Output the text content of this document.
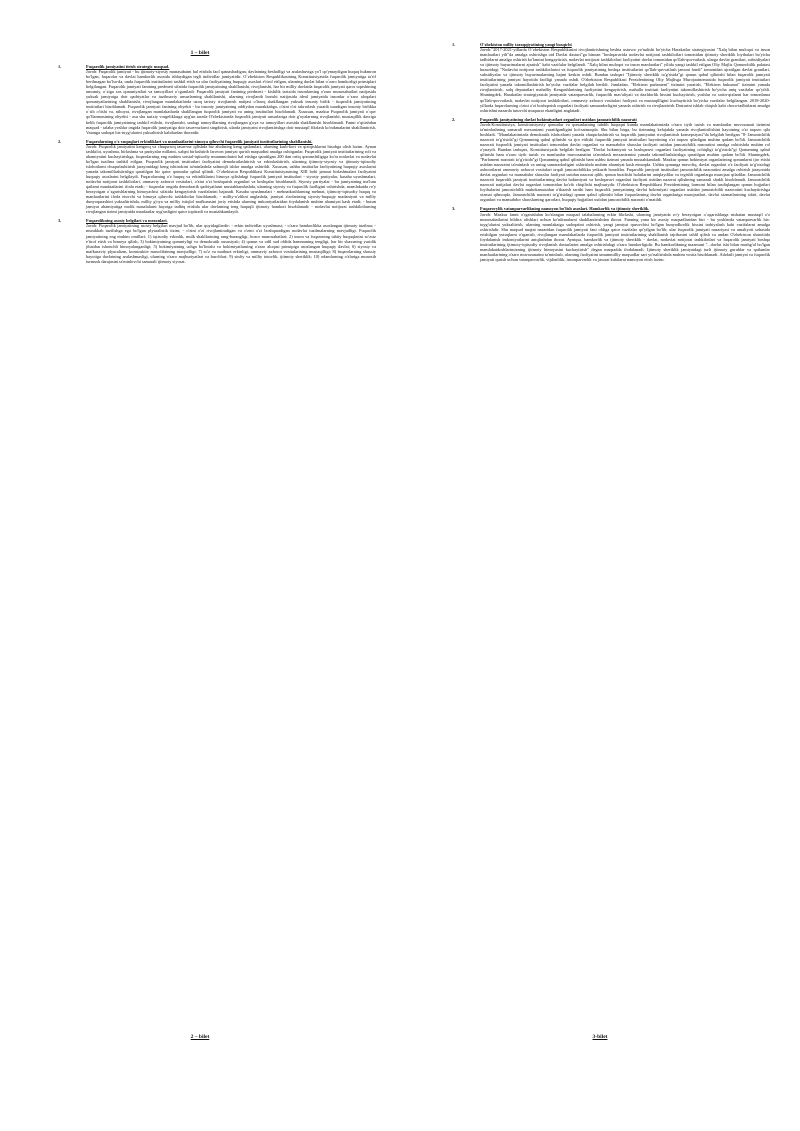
1 – bilet
1.	Fuqarolik jamiyatini tirish strategic maqsad.
Javob: Fuqarolik jamiyati - bu ijtimoiy-siyosiy munasabatni hal etishda faol qatnashadigan, davlatning beshafligi va aralashuviga yo'l qo'ymaydigan huquq hukmron bo'lgan, fuqarolar va davlat hamkorlik asosida ishlaydigan tegli individlar jamiyatidir. O`zbekiston Respublikasining Konstitutsiyasida fuqarolik jamiyatiga ta'rif berilmagan bo'lsa-da, unda fuqarolik institutlarini tashkil etish va ular faoliyatining huquqiy asoslari e'tirof etilgan, ularning davlat bilan o`zaro hamkorligi prinsiplari belgilangan. Fuqarolik jamiyati fanining predmeti sifatida fuqarolik jamiyatining shakllanishi, rivojlanishi, har bir milliy davlatda fuqarolik jamiyati qaror topishining umumiy, o`ziga xos qonuniyatlari va tamoyillari o`rganiladi. Fuqarolik jamiyati fanining predmeti - kishilik tarixida insonlarning o'zaro munosabatlari natijasida yuksak jamiyatga doir qadriyatlar va tuzilmaviy unsurlarning shakllanishi, ularning rivojlanib borishi natijasida ideal jamiyatda insonlar o`zaro aloqalari qonuniyatlarining shakllanishi, rivojlangan mamlakatlarda uzoq tarixiy rivojlanish natijasi o'laroq shakllangan yuksak insoniy birlik - fuqarolik jamiyatining institutlari hisoblanadi. Fuqarolik jamiyati fanining obyekti - bu insoniy jamiyatning oddiydan murakkabga, o'zini o'zi takrorlash yaratib turadigan insoniy birlikka o`sib o'tishi va, nihoyat, rivojlangan mamlakatlarda shakllangan fuqarolik jamiyati va uning institutlari hisoblanadi. Xususan, mazkur Fuqarolik jamiyati o`quv qo'llanmasining obyekti - asu shu tarixiy vorgeliklarga uyg'un tarzda O'zbekistonda fuqarolik jamiyati unsurlariga doir g'oyalarning rivojlanishi, mustaqillik davriga kelib fuqarolik jamiyatining tashkil etilishi, rivojlanishi, undagi tamoyillarning rivojlangan g'oya va tamoyillari asosida shakllanishi hisoblanadi. Fanni o'qitishdan maqsad - talaba yoshlar ongida fuqarolik jamiyatiga doir tasavvurlarni singdirish, ularda jamiyatni rivojlantirishga doir mustaqil fikrlash ko'nikmalarini shakllantirish, Vatanga sadoqat his-tuyg'ularini yuksaltirish kabilardan iboratdir.
2.	Fuqarolarning o'z xuquqlari erkinliklari va manfaatlarini ximoya qiluvchi fuqarolik jamiyati institutlarining shakllanishi.
Javob: Fuqarolik jamiyatini kengroq va chuqurroq tasavvur qilishda biz aholining keng qatlamlari, ularning kasb-kori va qiziqishlarini hisobga olish lozim. Aynan tashkilot, uyushma, birlashma va partiyalar millatni, xalqni birlashtirib farovon jamiyat qurish maqsadini amalga oshirganlar. Fuqarolik jamiyati institutlarining roli va ahamiyatini kuchaytirishga, fuqarolarning eng muhim sotsial-iqtisodiy muammolarini hal etishga qaratilgan 200 dan ortiq qonunchiligiga ko'ra nodavlat va nodavlat bo'lgan tuzilma tashkil etilgan. Fuqarolik jamiyati institutlari faoliyatini demokratlashtirish va erkinlashtirish, ularning ijtimoiy-siyosiy va ijtimoiy-iqtisodiy islohotlarni chuqurlashtirish jarayonidagi keng ishtirokini ta'minlashda salmoqli ishlar amalga oshirildi. Xususan, ushbu institutlar faoliyatining huquqiy asoslarini yanada takomillashtirishga qaratilgan bir qator qonunlar qabul qilindi. O`zbekiston Respublikasi Konstitutsiyasining XIII bobi jamoat birlashmalari faoliyatini huquqiy asoslarini belgilaydi. Fuqarolarning o'z huquq va erkinliklarini himoya qilishdagi fuqarolik jamiyati institutlari - siyosiy partiyalar, kasaba uyushmalari, nodavlat notijorat tashkilotlari, ommaviy axborot vositalari, o'zini o'zi boshqarish organlari va boshqalar hisoblanadi. Siyosiy partiyalar - bu jamiyatning ma'lum qatlami manfaatlarini ifoda etadi; - fuqarolar ongida demokratik qadriyatlarni mustahkamlashda, ularning siyosiy va fuqarolik faolligini oshirishda, mamlakatda ro'y berayotgan o`zgarishlarning himoyachisi sifatida kengaytirish vazifalarini bajaradi. Kasaba uyushmalari - mehnatkashlarning mehnat, ijtimoiy-iqtisodiy huquq va manfaatlarini ifoda etuvchi va himoya qiluvchi tashkilotlar hisoblanadi; - milliy-o'zlikni anglashda, jamiyat a'zolarining siyosiy-huquqiy madaniyati va milliy dunyoqarashini yuksaltirishda, milliy g'oya va milliy istiqlol mafkurasini joriy etishda ularning imkoniyatlaridan foydalanish muhim ahamiyat kasb etadi; - butun jamiyat ahamiyatiga molik masalalarni hayotga tadbiq etishda ular davlatning teng huquqli ijtimoiy hamkori hisoblanadi; - nodavlat notijorat tashkilotlarning rivojlangan tizimi jamiyatda manfaatlar uyg'unligini qaror topitradi va mustahkamlaydi.
3.	Fuqarolikning asosiy belgilari va mezonlari.
Javob: Fuqarolik jamiyatining asosiy belgilari mavjud bo'lib, ular quyidagilardir: - erkin individlar uyushmasi; - o'zaro hamkorlikka asoslangan ijtimoiy tuzilma; - murakkab tuzilishga ega bo'lgan plyuralistik tizim; - o'zini o'zi rivojlantiradigan va o'zini o'zi boshqaradigan nodavlat tuzilmalarning mavjudligi. Fuqarolik jamiyatining eng muhim omillari: 1) iqtisodiy erkinlik, mulk shakllarining rang-barangligi, bozor munosabatlari; 2) inson va fuqaroning tabiiy huquqlarini so'zsiz e'tirof etish va himoya qilish; 3) hokimiyatning qonuniyligi va demokratik xususiyati; 4) qonun va odil sud oldida hammaning tengligi, har bir shaxsning yuridik jihatdan ishonchli himoyalanganligi; 5) hokimiyatning uchga bo'linishi va hokimiyatlarning o'zaro aloqasi prinsipiga asoslangan huquqiy davlat; 6) siyosiy va mafkuraviy plyuralizm, konstruktiv muxolifatning mavjudligi; 7) so'z va matbuot erkinligi, ommaviy axborot vositalarining mustaqilligi; 8) fuqarolarning shaxsiy hayotiga davlatning aralashmasligi, ularning o'zaro majburiyatlari va burchlari; 9) sinfiy va milliy totuvlik, ijtimoiy sheriklik; 10) odamlarning o'zlariga munosib turmush darajasini ta'minlovchi samarali ijtimoiy siyosat.
1.	O'zbekiston milliy taraqqiyotining yangi bosqichi
Javob:"2017-2021-yillarda O`zbekiston Respublikasini rivojlantirishning beshta ustuvor yo'nalishi bo'yicha Harakatlar strategiyasini "Xalq bilan muloqot va inson manfaatlari yili"da amalga oshirishga oid Davlat dasturi"ga binoan "boshqaruvida nodavlat notijorat tashkilotlari tomonidan ijtimoiy sheriklik loyihalari bo'yicha tadbirlarni amalga oshirish ko'lamini kengaytirish, nodavlat notijorat tashkilotlari faoliyatini davlat tomonidan qo'llab-quvvatlash, ularga davlat grantlari, subsidiyalari va ijtimoiy buyurtmalarni ajratish" kabi vazifalar belgilandi. "Xalq bilan muloqot va inson manfaatlari" yilida yangi tashkil etilgan Oliy Majlis Qonunchilik palatasi huzuridagi "Nodavlat notijorat tashkilotlarini va fuqarolik jamiyatining boshqa institutlarini qo'llab-quvvatlash jamoat fondi" tomonidan ajratilgan davlat grantlari, subsidiyalar va ijtimoiy buyurtmalarning hajmi keskin oshdi. Bundan tashqari "Ijtimoiy sheriklik to'g'risida"gi qonun qabul qilinishi bilan fuqarolik jamiyati institutlarining jamiyat hayotida faolligi yanada oshdi. O'zbekiston Respublikasi Prezidentining Oliy Majlisga Murojaatnomasida fuqarolik jamiyati institutlari faoliyatini yanada takomillashtirish bo'yicha vazifalar belgilab berildi. Jumladan, "Elektron parlament" tizimini yaratish, "Elektron hukumat" tizimini yanada rivojlantirish, xalq deputatlari mahalliy Kengashlarining faoliyatini kengaytirish, mahalla instituti faoliyatini takomillashtirish bo'yicha aniq vazifalar qo'yildi. Shuningdek, Harakatlar strategiyasida jamiyatda vatanparvarlik, fuqarolik mas'uliyati va daxldorlik hissini kuchaytirish, yoshlar va xotin-qizlarni har tomonlama qo'llab-quvvatlash, nodavlat notijorat tashkilotlari, ommaviy axborot vositalari faoliyati va mustaqilligini kuchaytirish bo'yicha vazifalar belgilangan. 2018-2020-yillarda fuqarolarning o'zini o'zi boshqarish organlari faoliyati samaradorligini yanada oshirish va rivojlantirish Dasturini ishlab chiqish kabi chora-tadbirlarni amalga oshirishni nazarda tutuvchi muqarrar ekanligini anglatadi.
2.	Fuqarolik jamiyatining davlat hokimiyatlari organlari ustidan jamoatchilik nazorati
Javob:Konstitutsiya, konstitutsiyaviy qonunlar va qonunlarning tubdih huquqni kunda mamlakatimizda o'zaro tiyib turish va manfaatlar muvozanati tizimini ta'minlashning samarali mexanizmi yaratilganligini ko'rsatmoqda. Shu bilan birga, bu tizimning kelajakda yanada rivojlantirilishini hayotning o'zi taqozo qila boshladi. "Mamlakatimizda demokratik islohotlarni yanada chuqurlashtirish va fuqarolik jamiyatini rivojlantirish konsepsiyasi"da belgilab berilgan "8- Jamoatchilik nazorati to'g'risida"gi Qonunning qabul qilinishi va ijro etilishi fuqarolik jamiyati institutlari hayotining o'zi taqozo qiladigan muhim qadam bo'ldi. Jamoatchilik nazorati fuqarolik jamiyati institutlari tomonidan davlat organlari va mansabdor shaxslar faoliyati ustidan jamoatchilik nazoratini amalga oshirishda muhim rol o'ynaydi. Bundan tashqari, Konstitutsiyada belgilab berilgan "Davlat hokimiyati va boshqaruvi organlari faoliyatining ochiqligi to'g'risida"gi Qonunning qabul qilinishi ham o'zaro tiyib turish va manfaatlar muvozanatini ta'minlash mexanizmini yanada takomillashtirishga qaratilgan muhim qadam bo'ldi. Shuningdek, "Parlament nazorati to'g'risida"gi Qonunning qabul qilinishi ham ushbu tizimni yanada mustahkamladi. Mazkur qonun hokimiyat organlarining qonunlarni ijro etishi ustidan nazoratni ta'minlash va uning samaradorligini oshirishda muhim ahamiyat kasb etmoqda. Ushbu qonunga muvofiq, davlat organlari o'z faoliyati to'g'risidagi axborotlarni ommaviy axborot vositalari orqali jamoatchilikka yetkazib boradilar. Fuqarolik jamiyati institutlari jamoatchilik nazoratini amalga oshirish jarayonida davlat organlari va mansabdor shaxslar faoliyati ustidan nazorat qilib, qonun buzilishi holatlarini aniqlaydilar va tegishli organlarga murojaat qiladilar. Jamoatchilik nazorati fuqarolik jamiyati institutlarining davlat hokimiyati va boshqaruvi organlari faoliyati ustidan nazorat qilishning samarali shakli hisoblanadi. Jamoatchilik nazorati natijalari davlat organlari tomonidan ko'rib chiqilishi majburiydir. O'zbekiston Respublikasi Prezidentining farmoni bilan tasdiqlangan qonun hujjatlari loyihalarini jamoatchilik muhokamasidan o'tkazish tartibi ham fuqarolik jamiyatining davlat hokimiyati organlari ustidan jamoatchilik nazoratini kuchaytirishga xizmat qilmoqda. Jamoatchilik nazorati to'g'risidagi qonun qabul qilinishi bilan fuqarolarning davlat organlariga murojaatlari, davlat xizmatlarining sifati, davlat organlari va mansabdor shaxslarning qarorlari, huquqiy hujjatlari ustidan jamoatchilik nazorati o'rnatildi.
3.	Fuqarovylik vatanparvarlikning namoyon bo'lish asoslari. Hamkorlik va ijtimoiy sheriklik.
Javob: Mazkur fanni o'rganishdan ko'zlangan maqsad talabalarning erkin fikrlashi, ularning jamiyatda ro'y berayotgan o`zgarishlarga nisbatan mustaqil o'z munosabatlarini bildira olishlari uchun ko'nikmalarni shakllantirishdan iborat. Fanning yana bir asosiy maqsadlaridan biri - bu yoshlarda vatanparvarlik his-tuyg'ularini yuksaltirish, ularning mamlakatga sadoqatini oshirish, yangi jamiyat quruvchisi bo'lgan bunyodkorlik hissini tarbiyalash kabi vazifalarni amalga oshirishdir. Shu maqsad nuqtai nazaridan fuqarolik jamiyati fani oldiga qator vazifalar qo'yilgan bo'lib, ular fuqarolik jamiyati nazariyasi va amaliyoti sohasida erishilgan yutuqlarni o'rganish, rivojlangan mamlakatlarda fuqarolik jamiyati institutlarining shakllanish tajribasini tahlil qilish va undan O'zbekiston sharoitida foydalanish imkoniyatlarini aniqlashdan iborat. Ayniqsa, hamkorlik va ijtimoiy sheriklik - davlat, nodavlat notijorat tashkilotlari va fuqarolik jamiyati boshqa institutlarining ijtimoiy-iqtisodiy rivojlanish dasturlarini amalga oshirishdagi o'zaro hamkorligidir. Bu hamkorlikning mazmuni "...davlat ishi bilan mashg'ul bo'lgan mamlakatdoshlarimizning ijtimoiy himoyasini kuchaytirish" degan maqsadda ifodalanadi. Ijtimoiy sheriklik jamiyatdagi turli ijtimoiy guruhlar va qatlamlar manfaatlarining o'zaro muvozanatini ta'minlash, ularning faoliyatini umummilliy maqsadlar sari yo'naltirishda muhim vosita hisoblanadi. Adolatli jamiyat va fuqarolik jamiyati qurish uchun vatanparvarlik, vijdonlilik, insonparvarlik va jasorat kabilarni namoyon etish lozim.
2 – bilet	3-bilet
